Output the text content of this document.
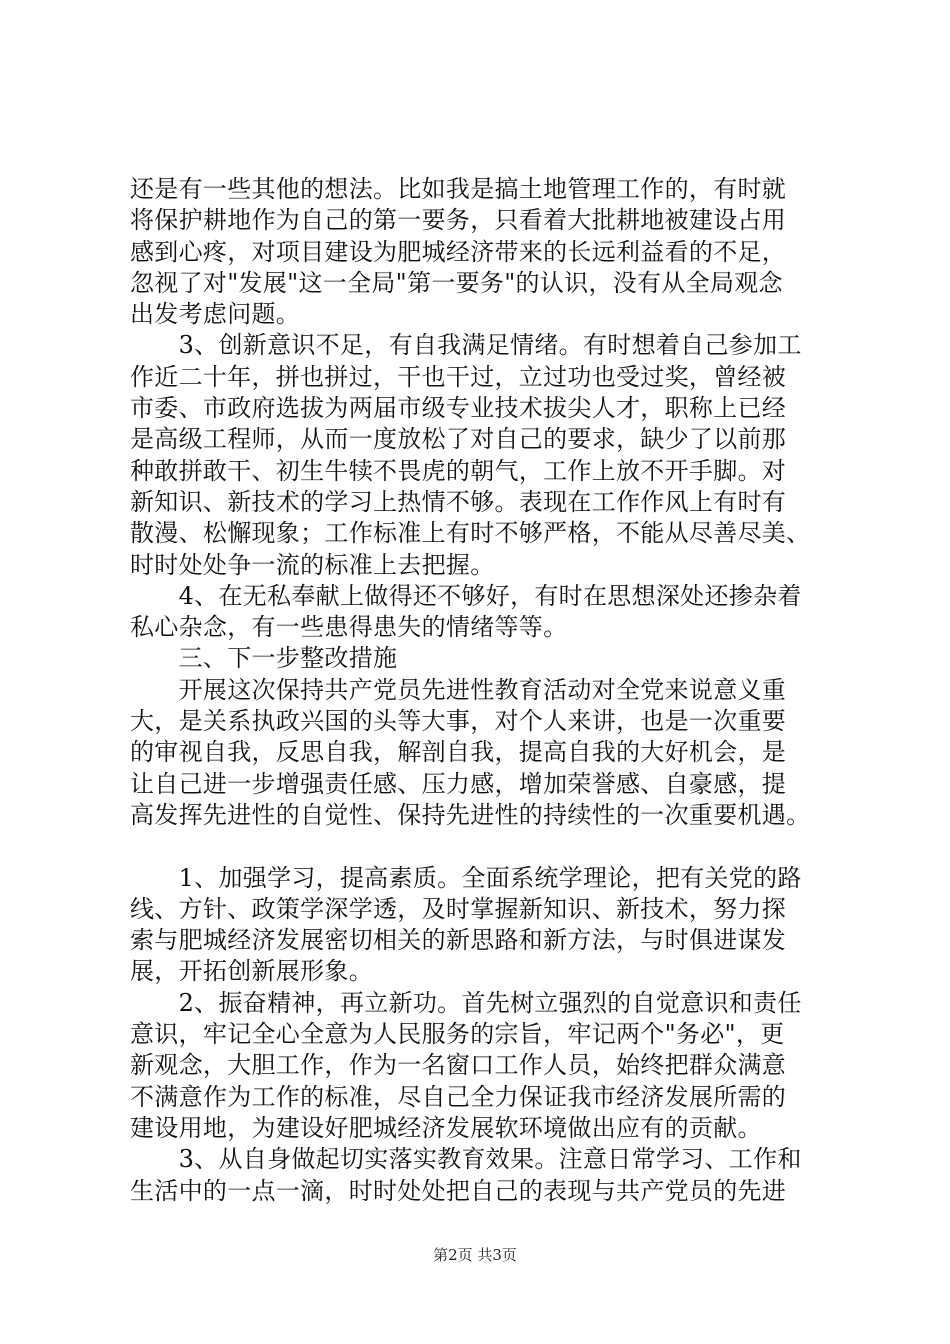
还是有一些其他的想法。比如我是搞土地管理工作的，有时就
将保护耕地作为自己的第一要务，只看着大批耕地被建设占用
感到心疼，对项目建设为肥城经济带来的长远利益看的不足，
忽视了对"发展"这一全局"第一要务"的认识，没有从全局观念
出发考虑问题。
　　3、创新意识不足，有自我满足情绪。有时想着自己参加工
作近二十年，拼也拼过，干也干过，立过功也受过奖，曾经被
市委、市政府选拔为两届市级专业技术拔尖人才，职称上已经
是高级工程师，从而一度放松了对自己的要求，缺少了以前那
种敢拼敢干、初生牛犊不畏虎的朝气，工作上放不开手脚。对
新知识、新技术的学习上热情不够。表现在工作作风上有时有
散漫、松懈现象；工作标准上有时不够严格，不能从尽善尽美、
时时处处争一流的标准上去把握。
　　4、在无私奉献上做得还不够好，有时在思想深处还掺杂着
私心杂念，有一些患得患失的情绪等等。
　　三、下一步整改措施
　　开展这次保持共产党员先进性教育活动对全党来说意义重
大，是关系执政兴国的头等大事，对个人来讲，也是一次重要
的审视自我，反思自我，解剖自我，提高自我的大好机会，是
让自己进一步增强责任感、压力感，增加荣誉感、自豪感，提
高发挥先进性的自觉性、保持先进性的持续性的一次重要机遇。
　　1、加强学习，提高素质。全面系统学理论，把有关党的路
线、方针、政策学深学透，及时掌握新知识、新技术，努力探
索与肥城经济发展密切相关的新思路和新方法，与时俱进谋发
展，开拓创新展形象。
　　2、振奋精神，再立新功。首先树立强烈的自觉意识和责任
意识，牢记全心全意为人民服务的宗旨，牢记两个"务必"，更
新观念，大胆工作，作为一名窗口工作人员，始终把群众满意
不满意作为工作的标准，尽自己全力保证我市经济发展所需的
建设用地，为建设好肥城经济发展软环境做出应有的贡献。
　　3、从自身做起切实落实教育效果。注意日常学习、工作和
生活中的一点一滴，时时处处把自己的表现与共产党员的先进
第2页 共3页
